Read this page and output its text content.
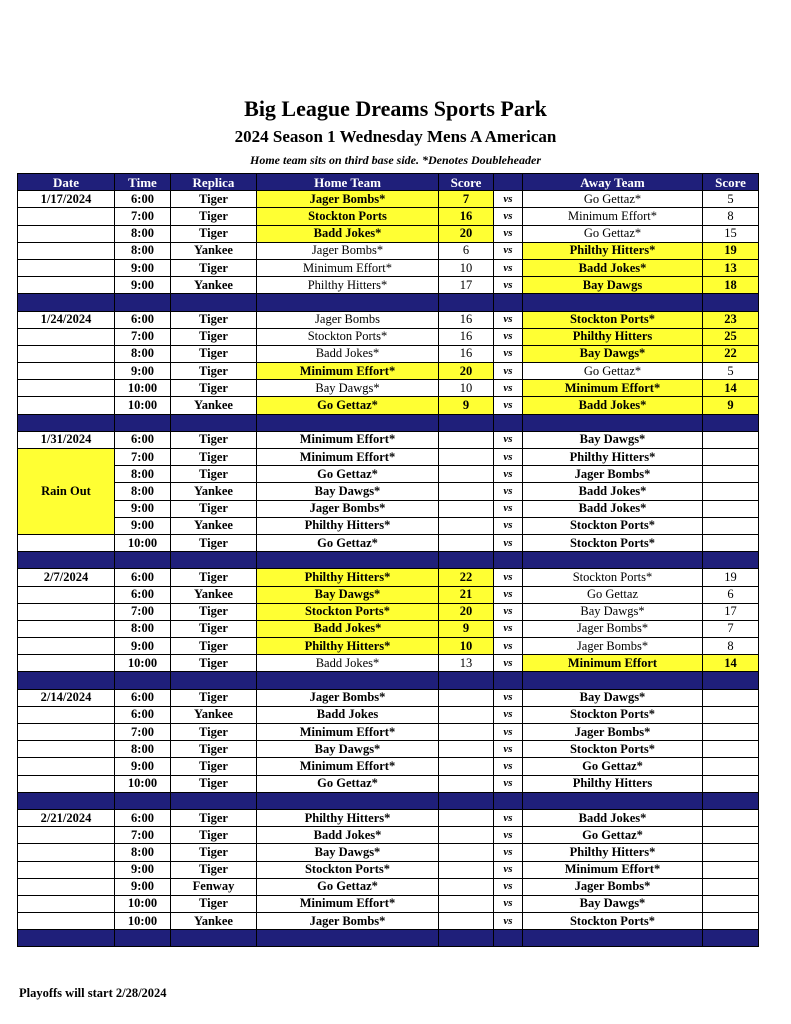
Big League Dreams Sports Park
2024 Season 1 Wednesday Mens A American
Home team sits on third base side. *Denotes Doubleheader
Date	Time	Replica	Home Team	Score		Away Team	Score
1/17/2024	6:00	Tiger	Jager Bombs*	7	vs	Go Gettaz*	5
	7:00	Tiger	Stockton Ports	16	vs	Minimum Effort*	8
	8:00	Tiger	Badd Jokes*	20	vs	Go Gettaz*	15
	8:00	Yankee	Jager Bombs*	6	vs	Philthy Hitters*	19
	9:00	Tiger	Minimum Effort*	10	vs	Badd Jokes*	13
	9:00	Yankee	Philthy Hitters*	17	vs	Bay Dawgs	18

1/24/2024	6:00	Tiger	Jager Bombs	16	vs	Stockton Ports*	23
	7:00	Tiger	Stockton Ports*	16	vs	Philthy Hitters	25
	8:00	Tiger	Badd Jokes*	16	vs	Bay Dawgs*	22
	9:00	Tiger	Minimum Effort*	20	vs	Go Gettaz*	5
	10:00	Tiger	Bay Dawgs*	10	vs	Minimum Effort*	14
	10:00	Yankee	Go Gettaz*	9	vs	Badd Jokes*	9

1/31/2024	6:00	Tiger	Minimum Effort*		vs	Bay Dawgs*	
Rain Out	7:00	Tiger	Minimum Effort*		vs	Philthy Hitters*	
	8:00	Tiger	Go Gettaz*		vs	Jager Bombs*	
	8:00	Yankee	Bay Dawgs*		vs	Badd Jokes*	
	9:00	Tiger	Jager Bombs*		vs	Badd Jokes*	
	9:00	Yankee	Philthy Hitters*		vs	Stockton Ports*	
	10:00	Tiger	Go Gettaz*		vs	Stockton Ports*	

2/7/2024	6:00	Tiger	Philthy Hitters*	22	vs	Stockton Ports*	19
	6:00	Yankee	Bay Dawgs*	21	vs	Go Gettaz	6
	7:00	Tiger	Stockton Ports*	20	vs	Bay Dawgs*	17
	8:00	Tiger	Badd Jokes*	9	vs	Jager Bombs*	7
	9:00	Tiger	Philthy Hitters*	10	vs	Jager Bombs*	8
	10:00	Tiger	Badd Jokes*	13	vs	Minimum Effort	14

2/14/2024	6:00	Tiger	Jager Bombs*		vs	Bay Dawgs*	
	6:00	Yankee	Badd Jokes		vs	Stockton Ports*	
	7:00	Tiger	Minimum Effort*		vs	Jager Bombs*	
	8:00	Tiger	Bay Dawgs*		vs	Stockton Ports*	
	9:00	Tiger	Minimum Effort*		vs	Go Gettaz*	
	10:00	Tiger	Go Gettaz*		vs	Philthy Hitters	

2/21/2024	6:00	Tiger	Philthy Hitters*		vs	Badd Jokes*	
	7:00	Tiger	Badd Jokes*		vs	Go Gettaz*	
	8:00	Tiger	Bay Dawgs*		vs	Philthy Hitters*	
	9:00	Tiger	Stockton Ports*		vs	Minimum Effort*	
	9:00	Fenway	Go Gettaz*		vs	Jager Bombs*	
	10:00	Tiger	Minimum Effort*		vs	Bay Dawgs*	
	10:00	Yankee	Jager Bombs*		vs	Stockton Ports*	

Playoffs will start 2/28/2024
